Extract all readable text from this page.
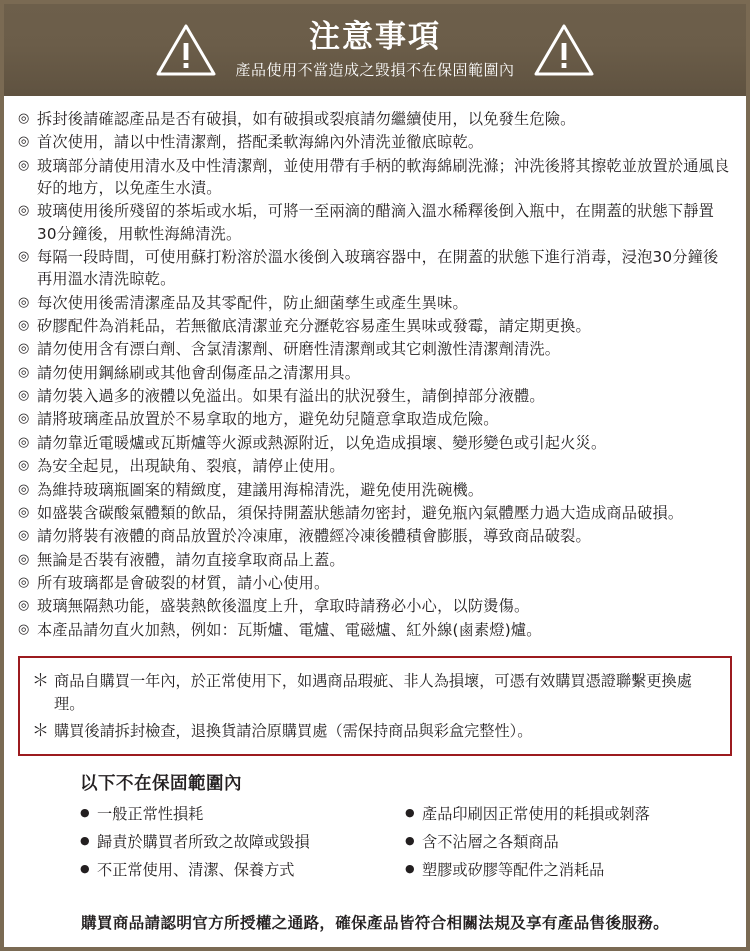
注意事項
產品使用不當造成之毀損不在保固範圍內
◎ 拆封後請確認產品是否有破損，如有破損或裂痕請勿繼續使用，以免發生危險。
◎ 首次使用，請以中性清潔劑，搭配柔軟海綿內外清洗並徹底晾乾。
◎ 玻璃部分請使用清水及中性清潔劑，並使用帶有手柄的軟海綿刷洗滌；沖洗後將其擦乾並放置於通風良好的地方，以免產生水漬。
◎ 玻璃使用後所殘留的茶垢或水垢，可將一至兩滴的醋滴入溫水稀釋後倒入瓶中，在開蓋的狀態下靜置30分鐘後，用軟性海綿清洗。
◎ 每隔一段時間，可使用蘇打粉溶於溫水後倒入玻璃容器中，在開蓋的狀態下進行消毒，浸泡30分鐘後再用溫水清洗晾乾。
◎ 每次使用後需清潔產品及其零配件，防止細菌孳生或產生異味。
◎ 矽膠配件為消耗品，若無徹底清潔並充分瀝乾容易產生異味或發霉，請定期更換。
◎ 請勿使用含有漂白劑、含氯清潔劑、研磨性清潔劑或其它刺激性清潔劑清洗。
◎ 請勿使用鋼絲刷或其他會刮傷產品之清潔用具。
◎ 請勿裝入過多的液體以免溢出。如果有溢出的狀況發生，請倒掉部分液體。
◎ 請將玻璃產品放置於不易拿取的地方，避免幼兒隨意拿取造成危險。
◎ 請勿靠近電暖爐或瓦斯爐等火源或熱源附近，以免造成損壞、變形變色或引起火災。
◎ 為安全起見，出現缺角、裂痕，請停止使用。
◎ 為維持玻璃瓶圖案的精緻度，建議用海棉清洗，避免使用洗碗機。
◎ 如盛裝含碳酸氣體類的飲品，須保持開蓋狀態請勿密封，避免瓶內氣體壓力過大造成商品破損。
◎ 請勿將裝有液體的商品放置於冷凍庫，液體經冷凍後體積會膨脹，導致商品破裂。
◎ 無論是否裝有液體，請勿直接拿取商品上蓋。
◎ 所有玻璃都是會破裂的材質，請小心使用。
◎ 玻璃無隔熱功能，盛裝熱飲後溫度上升，拿取時請務必小心，以防燙傷。
◎ 本產品請勿直火加熱，例如：瓦斯爐、電爐、電磁爐、紅外線(鹵素燈)爐。
＊ 商品自購買一年內，於正常使用下，如遇商品瑕疵、非人為損壞，可憑有效購買憑證聯繫更換處理。
＊ 購買後請拆封檢查，退換貨請洽原購買處（需保持商品與彩盒完整性）。
以下不在保固範圍內
● 一般正常性損耗
● 歸責於購買者所致之故障或毀損
● 不正常使用、清潔、保養方式
● 產品印刷因正常使用的耗損或剝落
● 含不沾層之各類商品
● 塑膠或矽膠等配件之消耗品
購買商品請認明官方所授權之通路，確保產品皆符合相關法規及享有產品售後服務。
